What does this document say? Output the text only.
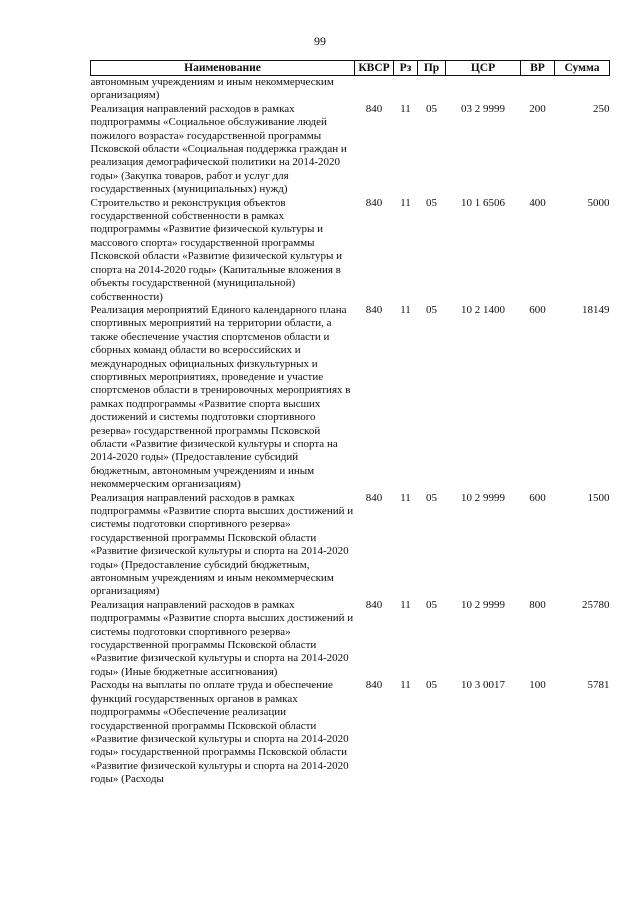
99
Наименование	КВСР	Рз	Пр	ЦСР	ВР	Сумма
автономным учреждениям и иным некоммерческим организациям)						
Реализация направлений расходов в рамках подпрограммы «Социальное обслуживание людей пожилого возраста» государственной программы Псковской области «Социальная поддержка граждан и реализация демографической политики на 2014-2020 годы» (Закупка товаров, работ и услуг для государственных (муниципальных) нужд)	840	11	05	03 2 9999	200	250
Строительство и реконструкция объектов государственной собственности в рамках подпрограммы «Развитие физической культуры и массового спорта» государственной программы Псковской области «Развитие физической культуры и спорта на 2014-2020 годы» (Капитальные вложения в объекты государственной (муниципальной) собственности)	840	11	05	10 1 6506	400	5000
Реализация мероприятий Единого календарного плана спортивных мероприятий на территории области, а также обеспечение участия спортсменов области и сборных команд области во всероссийских и международных официальных физкультурных и спортивных мероприятиях, проведение и участие спортсменов области в тренировочных мероприятиях в рамках подпрограммы «Развитие спорта высших достижений и системы подготовки спортивного резерва» государственной программы Псковской области «Развитие физической культуры и спорта на 2014-2020 годы» (Предоставление субсидий бюджетным, автономным учреждениям и иным некоммерческим организациям)	840	11	05	10 2 1400	600	18149
Реализация направлений расходов в рамках подпрограммы «Развитие спорта высших достижений и системы подготовки спортивного резерва» государственной программы Псковской области «Развитие физической культуры и спорта на 2014-2020 годы» (Предоставление субсидий бюджетным, автономным учреждениям и иным некоммерческим организациям)	840	11	05	10 2 9999	600	1500
Реализация направлений расходов в рамках подпрограммы «Развитие спорта высших достижений и системы подготовки спортивного резерва» государственной программы Псковской области «Развитие физической культуры и спорта на 2014-2020 годы» (Иные бюджетные ассигнования)	840	11	05	10 2 9999	800	25780
Расходы на выплаты по оплате труда и обеспечение функций государственных органов в рамках подпрограммы «Обеспечение реализации государственной программы Псковской области «Развитие физической культуры и спорта на 2014-2020 годы» государственной программы Псковской области «Развитие физической культуры и спорта на 2014-2020 годы» (Расходы	840	11	05	10 3 0017	100	5781
